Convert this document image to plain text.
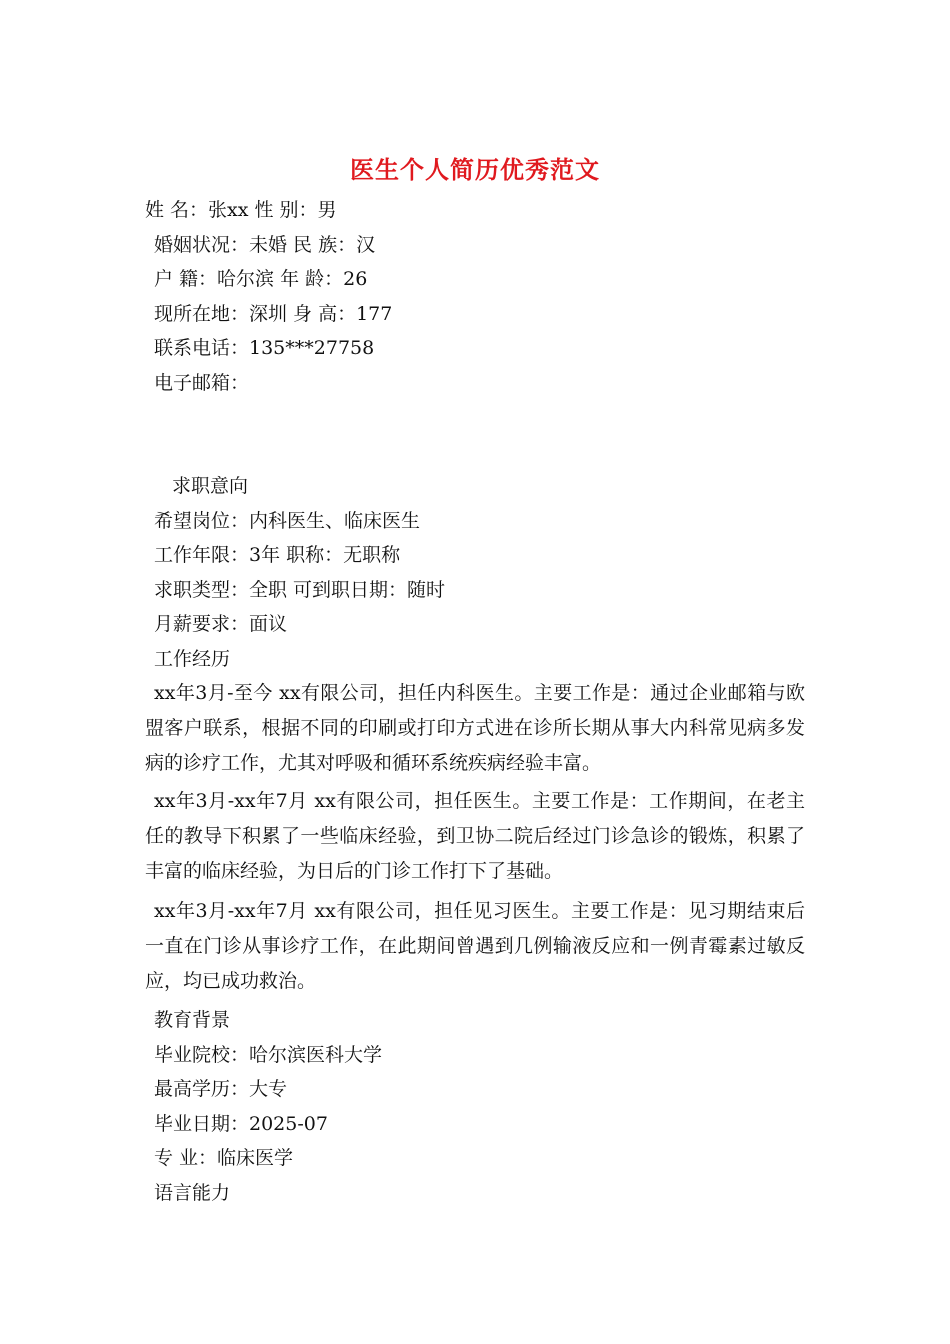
医生个人简历优秀范文
姓 名：张xx 性 别：男
婚姻状况：未婚 民 族：汉
户 籍：哈尔滨 年 龄：26
现所在地：深圳 身 高：177
联系电话：135***27758
电子邮箱：
求职意向
希望岗位：内科医生、临床医生
工作年限：3年 职称：无职称
求职类型：全职 可到职日期：随时
月薪要求：面议
工作经历
xx年3月-至今 xx有限公司，担任内科医生。主要工作是：通过企业邮箱与欧盟客户联系，根据不同的印刷或打印方式进在诊所长期从事大内科常见病多发病的诊疗工作，尤其对呼吸和循环系统疾病经验丰富。
xx年3月-xx年7月 xx有限公司，担任医生。主要工作是：工作期间，在老主任的教导下积累了一些临床经验，到卫协二院后经过门诊急诊的锻炼，积累了丰富的临床经验，为日后的门诊工作打下了基础。
xx年3月-xx年7月 xx有限公司，担任见习医生。主要工作是：见习期结束后一直在门诊从事诊疗工作，在此期间曾遇到几例输液反应和一例青霉素过敏反应，均已成功救治。
教育背景
毕业院校：哈尔滨医科大学
最高学历：大专
毕业日期：2025-07
专 业：临床医学
语言能力
